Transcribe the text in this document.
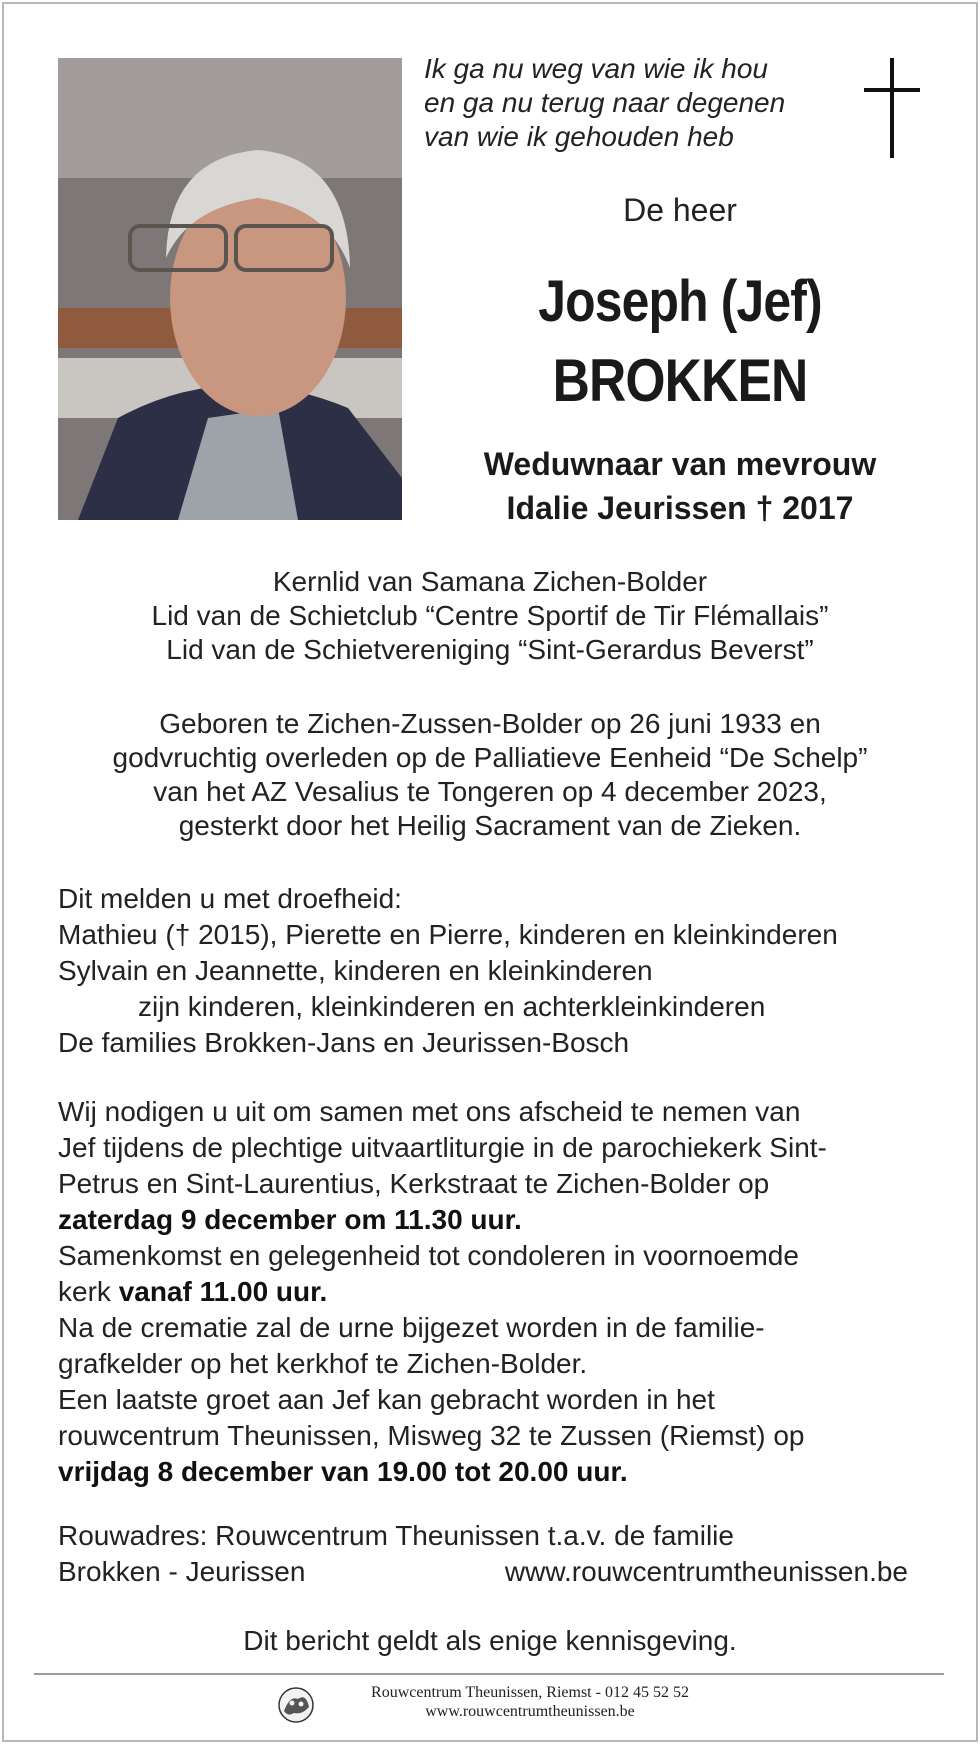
Ik ga nu weg van wie ik hou
en ga nu terug naar degenen
van wie ik gehouden heb
De heer
Joseph (Jef)
BROKKEN
Weduwnaar van mevrouw
Idalie Jeurissen † 2017
Kernlid van Samana Zichen-Bolder
Lid van de Schietclub “Centre Sportif de Tir Flémallais”
Lid van de Schietvereniging “Sint-Gerardus Beverst”
Geboren te Zichen-Zussen-Bolder op 26 juni 1933 en
godvruchtig overleden op de Palliatieve Eenheid “De Schelp”
van het AZ Vesalius te Tongeren op 4 december 2023,
gesterkt door het Heilig Sacrament van de Zieken.
Dit melden u met droefheid:
Mathieu († 2015), Pierette en Pierre, kinderen en kleinkinderen
Sylvain en Jeannette, kinderen en kleinkinderen
zijn kinderen, kleinkinderen en achterkleinkinderen
De families Brokken-Jans en Jeurissen-Bosch
Wij nodigen u uit om samen met ons afscheid te nemen van
Jef tijdens de plechtige uitvaartliturgie in de parochiekerk Sint-
Petrus en Sint-Laurentius, Kerkstraat te Zichen-Bolder op
zaterdag 9 december om 11.30 uur.
Samenkomst en gelegenheid tot condoleren in voornoemde
kerk vanaf 11.00 uur.
Na de crematie zal de urne bijgezet worden in de familie-
grafkelder op het kerkhof te Zichen-Bolder.
Een laatste groet aan Jef kan gebracht worden in het
rouwcentrum Theunissen, Misweg 32 te Zussen (Riemst) op
vrijdag 8 december van 19.00 tot 20.00 uur.
Rouwadres: Rouwcentrum Theunissen t.a.v. de familie
Brokken - Jeurissen	www.rouwcentrumtheunissen.be
Dit bericht geldt als enige kennisgeving.
Rouwcentrum Theunissen, Riemst - 012 45 52 52
www.rouwcentrumtheunissen.be
